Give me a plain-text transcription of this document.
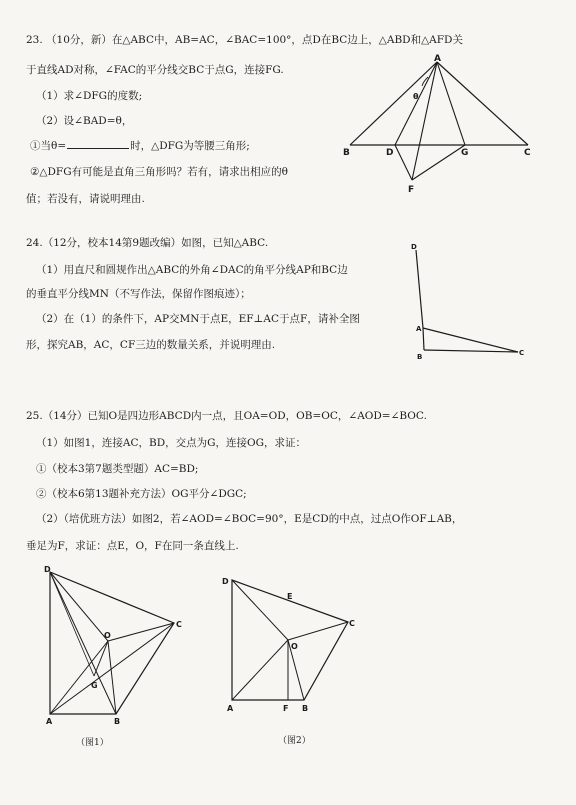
23. （10分，新）在△ABC中，AB=AC，∠BAC=100°，点D在BC边上，△ABD和△AFD关
于直线AD对称，∠FAC的平分线交BC于点G，连接FG.
（1）求∠DFG的度数;
（2）设∠BAD=θ，
①当θ=	时，△DFG为等腰三角形;
②△DFG有可能是直角三角形吗？若有，请求出相应的θ
值；若没有，请说明理由.
A
B	C
D	G
F
θ
24.（12分，校本14第9题改编）如图，已知△ABC.
（1）用直尺和圆规作出△ABC的外角∠DAC的角平分线AP和BC边
的垂直平分线MN（不写作法，保留作图痕迹）；
（2）在（1）的条件下，AP交MN于点E，EF⊥AC于点F，请补全图
形，探究AB，AC，CF三边的数量关系，并说明理由.
D
A
B	C
25.（14分）已知O是四边形ABCD内一点，且OA=OD，OB=OC，∠AOD=∠BOC.
（1）如图1，连接AC，BD，交点为G，连接OG，求证：
①（校本3第7题类型题）AC=BD;
②（校本6第13题补充方法）OG平分∠DGC;
（2）（培优班方法）如图2，若∠AOD=∠BOC=90°，E是CD的中点，过点O作OF⊥AB，
垂足为F，求证：点E，O，F在同一条直线上.
D
A	B
C
O
G
（图1）
D
A	F B
C
O
E
（图2）
